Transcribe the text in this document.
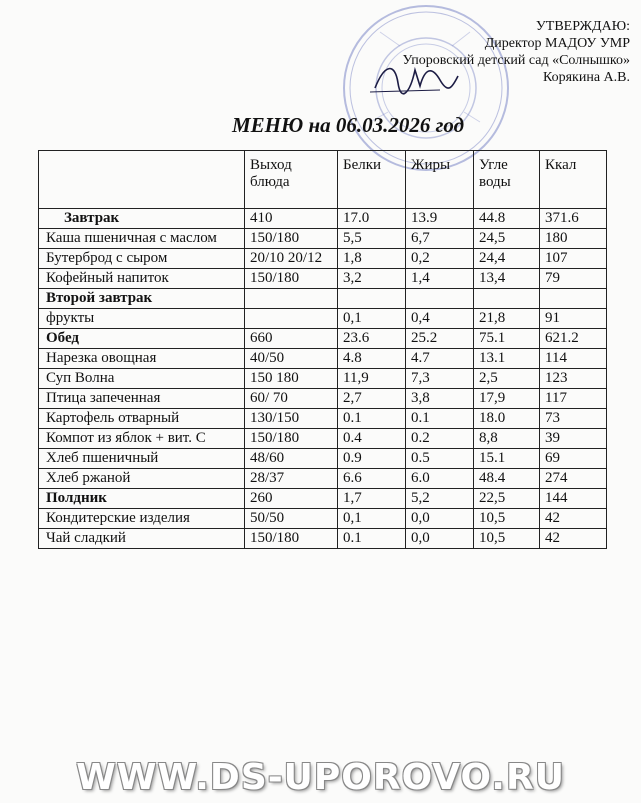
УТВЕРЖДАЮ:
Директор МАДОУ УМР
Упоровский детский сад «Солнышко»
Корякина А.В.
МЕНЮ на 06.03.2026 год
	Выход блюда	Белки	Жиры	Угле воды	Ккал
Завтрак	410	17.0	13.9	44.8	371.6
Каша пшеничная с маслом	150/180	5,5	6,7	24,5	180
Бутерброд с сыром	20/10 20/12	1,8	0,2	24,4	107
Кофейный напиток	150/180	3,2	1,4	13,4	79
Второй завтрак					
фрукты		0,1	0,4	21,8	91
Обед	660	23.6	25.2	75.1	621.2
Нарезка овощная	40/50	4.8	4.7	13.1	114
Суп Волна	150 180	11,9	7,3	2,5	123
Птица запеченная	60/ 70	2,7	3,8	17,9	117
Картофель отварный	130/150	0.1	0.1	18.0	73
Компот из яблок + вит. С	150/180	0.4	0.2	8,8	39
Хлеб пшеничный	48/60	0.9	0.5	15.1	69
Хлеб ржаной	28/37	6.6	6.0	48.4	274
Полдник	260	1,7	5,2	22,5	144
Кондитерские изделия	50/50	0,1	0,0	10,5	42
Чай сладкий	150/180	0.1	0,0	10,5	42
WWW.DS-UPOROVO.RU
